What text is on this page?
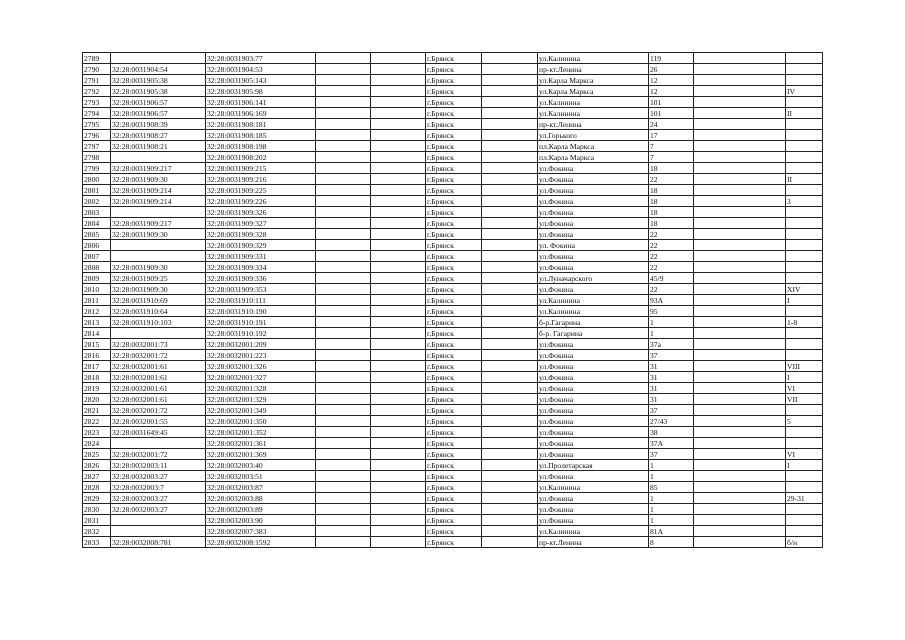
2789		32:28:0031903:77			г.Брянск		ул.Калинина	119		
2790	32:28:0031904:54	32:28:0031904:53			г.Брянск		пр-кт.Ленина	26		
2791	32:28:0031905:38	32:28:0031905:143			г.Брянск		ул.Карла Маркса	12		
2792	32:28:0031905:38	32:28:0031905:98			г.Брянск		ул.Карла Маркса	12		IV
2793	32:28:0031906:57	32:28:0031906:141			г.Брянск		ул.Калинина	101		
2794	32:28:0031906:57	32:28:0031906:169			г.Брянск		ул.Калинина	101		II
2795	32:28:0031908:39	32:28:0031908:181			г.Брянск		пр-кт.Ленина	24		
2796	32:28:0031908:27	32:28:0031908:185			г.Брянск		ул.Горького	17		
2797	32:28:0031908:21	32:28:0031908:198			г.Брянск		пл.Карла Маркса	7		
2798		32:28:0031908:202			г.Брянск		пл.Карла Маркса	7		
2799	32:28:0031909:217	32:28:0031909:215			г.Брянск		ул.Фокина	18		
2800	32:28:0031909:30	32:28:0031909:216			г.Брянск		ул.Фокина	22		II
2801	32:28:0031909:214	32:28:0031909:225			г.Брянск		ул.Фокина	18		
2802	32:28:0031909:214	32:28:0031909:226			г.Брянск		ул.Фокина	18		3
2803		32:28:0031909:326			г.Брянск		ул.Фокина	18		
2804	32:28:0031909:217	32:28:0031909:327			г.Брянск		ул.Фокина	18		
2805	32:28:0031909:30	32:28:0031909:328			г.Брянск		ул.Фокина	22		
2806		32:28:0031909:329			г.Брянск		ул. Фокина	22		
2807		32:28:0031909:331			г.Брянск		ул.Фокина	22		
2808	32:28:0031909:30	32:28:0031909:334			г.Брянск		ул.Фокина	22		
2809	32:28:0031909:25	32:28:0031909:336			г.Брянск		ул.Луначарского	45/9		
2810	32:28:0031909:30	32:28:0031909:353			г.Брянск		ул.Фокина	22		XIV
2811	32:28:0031910:69	32:28:0031910:111			г.Брянск		ул.Калинина	93А		I
2812	32:28:0031910:64	32:28:0031910:190			г.Брянск		ул.Калинина	95		
2813	32:28:0031910:103	32:28:0031910:191			г.Брянск		б-р.Гагарина	1		1-8
2814		32:28:0031910:192			г.Брянск		б-р. Гагарина	1		
2815	32:28:0032001:73	32:28:0032001:209			г.Брянск		ул.Фокина	37а		
2816	32:28:0032001:72	32:28:0032001:223			г.Брянск		ул.Фокина	37		
2817	32:28:0032001:61	32:28:0032001:326			г.Брянск		ул.Фокина	31		VIII
2818	32:28:0032001:61	32:28:0032001:327			г.Брянск		ул.Фокина	31		I
2819	32:28:0032001:61	32:28:0032001:328			г.Брянск		ул.Фокина	31		VI
2820	32:28:0032001:61	32:28:0032001:329			г.Брянск		ул.Фокина	31		VII
2821	32:28:0032001:72	32:28:0032001:349			г.Брянск		ул.Фокина	37		
2822	32:28:0032001:55	32:28:0032001:350			г.Брянск		ул.Фокина	27/43		5
2823	32:28:0031649:45	32:28:0032001:352			г.Брянск		ул.Фокина	38		
2824		32:28:0032001:361			г.Брянск		ул.Фокина	37А		
2825	32:28:0032001:72	32:28:0032001:369			г.Брянск		ул.Фокина	37		VI
2826	32:28:0032003:11	32:28:0032003:40			г.Брянск		ул.Пролетарская	1		I
2827	32:28:0032003:27	32:28:0032003:51			г.Брянск		ул.Фокина	1		
2828	32:28:0032003:7	32:28:0032003:87			г.Брянск		ул.Калинина	85		
2829	32:28:0032003:27	32:28:0032003:88			г.Брянск		ул.Фокина	1		29-31
2830	32:28:0032003:27	32:28:0032003:89			г.Брянск		ул.Фокина	1		
2831		32:28:0032003:90			г.Брянск		ул.Фокина	1		
2832		32:28:0032007:383			г.Брянск		ул.Калинина	81А		
2833	32:28:0032008:781	32:28:0032008:1592			г.Брянск		пр-кт.Ленина	8		б/н
